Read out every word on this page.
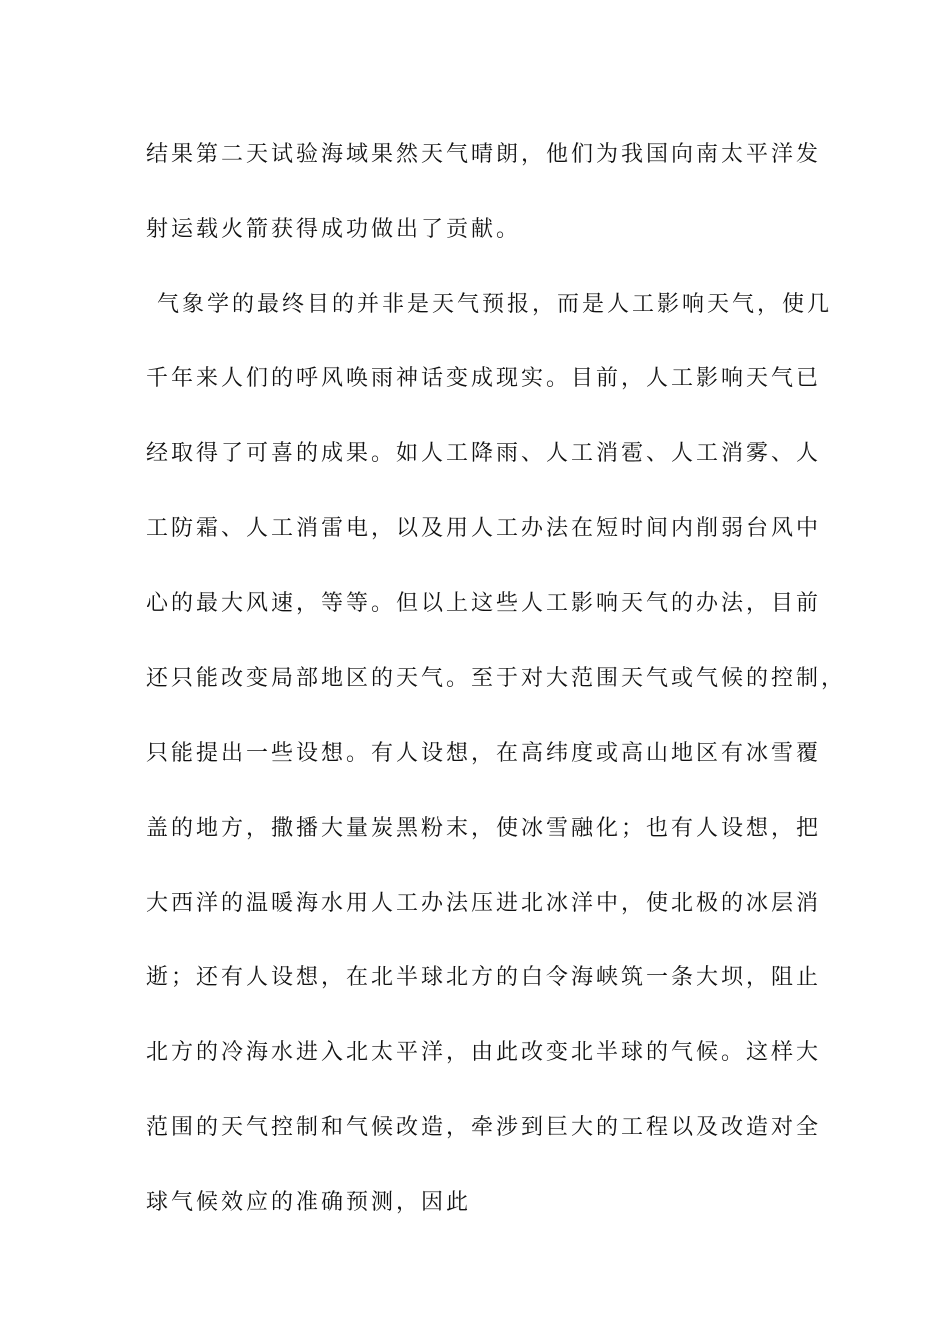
结果第二天试验海域果然天气晴朗，他们为我国向南太平洋发
射运载火箭获得成功做出了贡献。
气象学的最终目的并非是天气预报，而是人工影响天气，使几
千年来人们的呼风唤雨神话变成现实。目前，人工影响天气已
经取得了可喜的成果。如人工降雨、人工消雹、人工消雾、人
工防霜、人工消雷电，以及用人工办法在短时间内削弱台风中
心的最大风速，等等。但以上这些人工影响天气的办法，目前
还只能改变局部地区的天气。至于对大范围天气或气候的控制，
只能提出一些设想。有人设想，在高纬度或高山地区有冰雪覆
盖的地方，撒播大量炭黑粉末，使冰雪融化；也有人设想，把
大西洋的温暖海水用人工办法压进北冰洋中，使北极的冰层消
逝；还有人设想，在北半球北方的白令海峡筑一条大坝，阻止
北方的冷海水进入北太平洋，由此改变北半球的气候。这样大
范围的天气控制和气候改造，牵涉到巨大的工程以及改造对全
球气候效应的准确预测，因此
